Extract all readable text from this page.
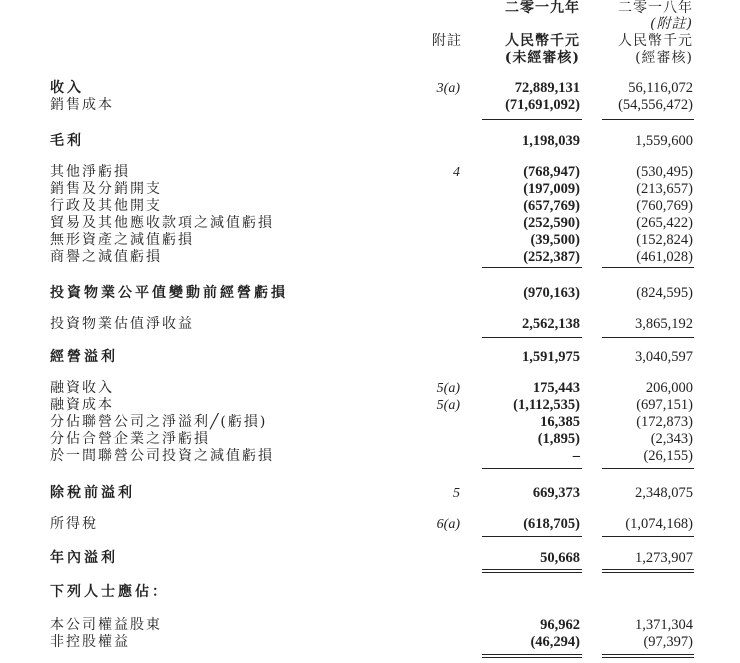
二零一九年	二零一八年
(附註)
附註	人民幣千元	人民幣千元
(未經審核)	(經審核)
收入	3(a)	72,889,131	56,116,072
銷售成本	(71,691,092)	(54,556,472)
毛利	1,198,039	1,559,600
其他淨虧損	4	(768,947)	(530,495)
銷售及分銷開支	(197,009)	(213,657)
行政及其他開支	(657,769)	(760,769)
貿易及其他應收款項之減值虧損	(252,590)	(265,422)
無形資產之減值虧損	(39,500)	(152,824)
商譽之減值虧損	(252,387)	(461,028)
投資物業公平值變動前經營虧損	(970,163)	(824,595)
投資物業估值淨收益	2,562,138	3,865,192
經營溢利	1,591,975	3,040,597
融資收入	5(a)	175,443	206,000
融資成本	5(a)	(1,112,535)	(697,151)
分佔聯營公司之淨溢利╱(虧損)	16,385	(172,873)
分佔合營企業之淨虧損	(1,895)	(2,343)
於一間聯營公司投資之減值虧損	–	(26,155)
除稅前溢利	5	669,373	2,348,075
所得稅	6(a)	(618,705)	(1,074,168)
年內溢利	50,668	1,273,907
下列人士應佔：
本公司權益股東	96,962	1,371,304
非控股權益	(46,294)	(97,397)
